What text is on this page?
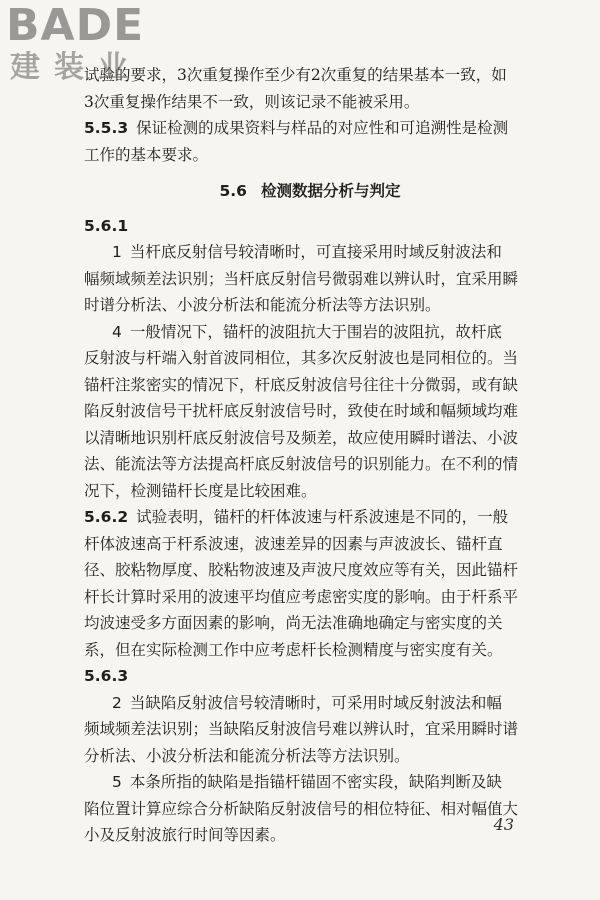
BADE
建装业
试验的要求，3次重复操作至少有2次重复的结果基本一致，如
3次重复操作结果不一致，则该记录不能被采用。
5.5.3 保证检测的成果资料与样品的对应性和可追溯性是检测
工作的基本要求。
5.6 检测数据分析与判定
5.6.1
1 当杆底反射信号较清晰时，可直接采用时域反射波法和
幅频域频差法识别；当杆底反射信号微弱难以辨认时，宜采用瞬
时谱分析法、小波分析法和能流分析法等方法识别。
4 一般情况下，锚杆的波阻抗大于围岩的波阻抗，故杆底
反射波与杆端入射首波同相位，其多次反射波也是同相位的。当
锚杆注浆密实的情况下，杆底反射波信号往往十分微弱，或有缺
陷反射波信号干扰杆底反射波信号时，致使在时域和幅频域均难
以清晰地识别杆底反射波信号及频差，故应使用瞬时谱法、小波
法、能流法等方法提高杆底反射波信号的识别能力。在不利的情
况下，检测锚杆长度是比较困难。
5.6.2 试验表明，锚杆的杆体波速与杆系波速是不同的，一般
杆体波速高于杆系波速，波速差异的因素与声波波长、锚杆直
径、胶粘物厚度、胶粘物波速及声波尺度效应等有关，因此锚杆
杆长计算时采用的波速平均值应考虑密实度的影响。由于杆系平
均波速受多方面因素的影响，尚无法准确地确定与密实度的关
系，但在实际检测工作中应考虑杆长检测精度与密实度有关。
5.6.3
2 当缺陷反射波信号较清晰时，可采用时域反射波法和幅
频域频差法识别；当缺陷反射波信号难以辨认时，宜采用瞬时谱
分析法、小波分析法和能流分析法等方法识别。
5 本条所指的缺陷是指锚杆锚固不密实段，缺陷判断及缺
陷位置计算应综合分析缺陷反射波信号的相位特征、相对幅值大
小及反射波旅行时间等因素。
43
